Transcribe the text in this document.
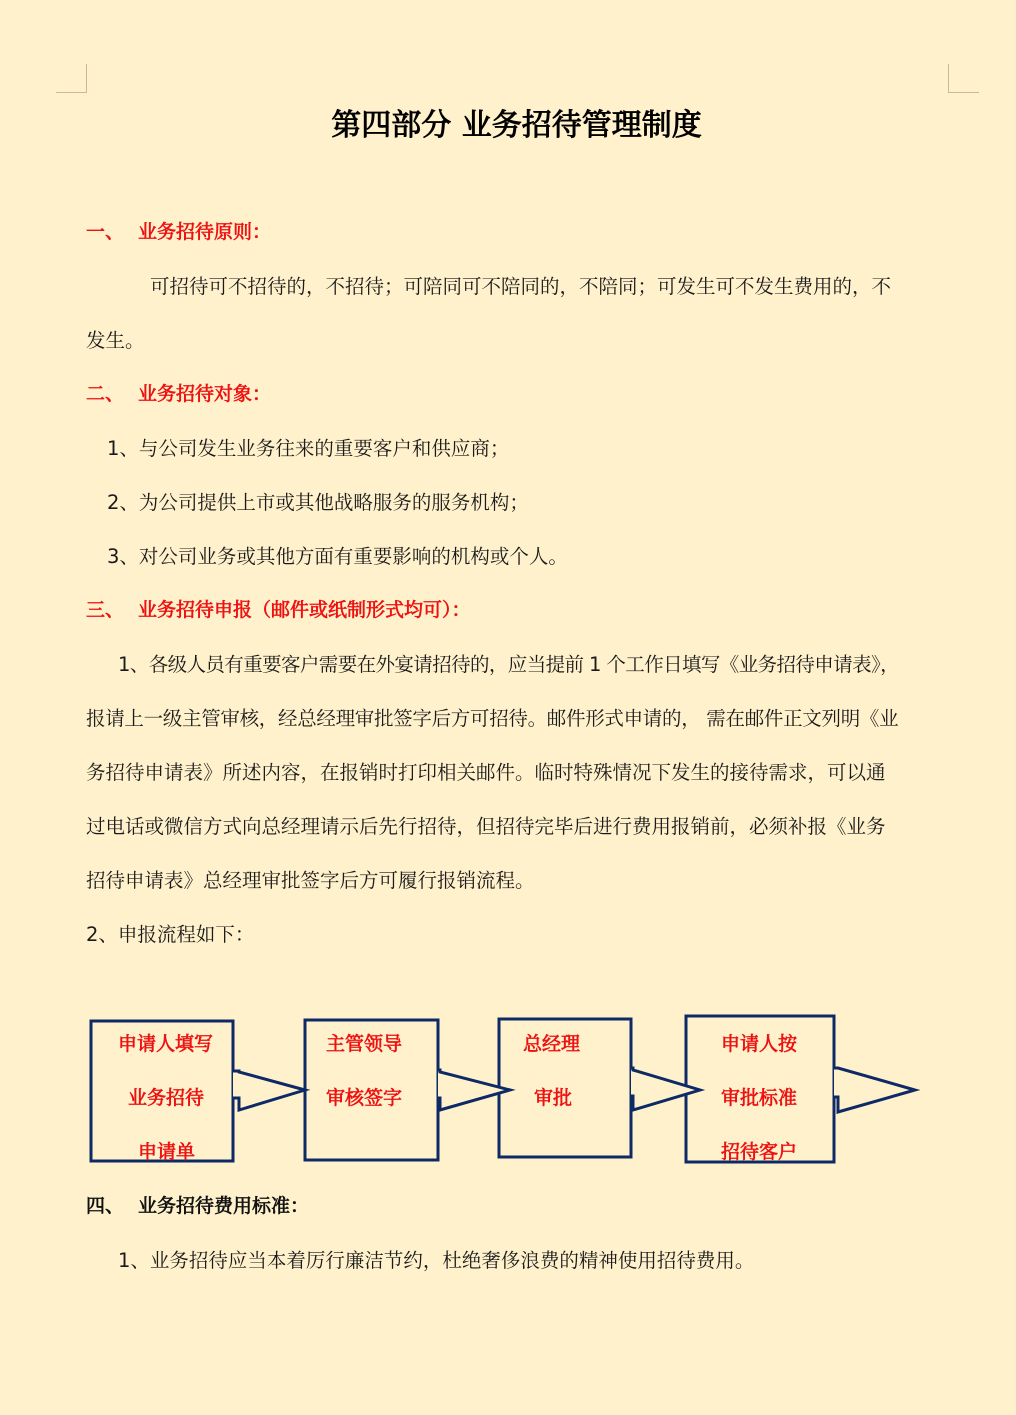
第四部分 业务招待管理制度
一、 业务招待原则：
可招待可不招待的，不招待；可陪同可不陪同的，不陪同；可发生可不发生费用的，不
发生。
二、 业务招待对象：
1、与公司发生业务往来的重要客户和供应商；
2、为公司提供上市或其他战略服务的服务机构；
3、对公司业务或其他方面有重要影响的机构或个人。
三、 业务招待申报（邮件或纸制形式均可）：
1、各级人员有重要客户需要在外宴请招待的，应当提前 1 个工作日填写《业务招待申请表》，
报请上一级主管审核，经总经理审批签字后方可招待。邮件形式申请的， 需在邮件正文列明《业
务招待申请表》所述内容，在报销时打印相关邮件。临时特殊情况下发生的接待需求，可以通
过电话或微信方式向总经理请示后先行招待，但招待完毕后进行费用报销前，必须补报《业务
招待申请表》总经理审批签字后方可履行报销流程。
2、申报流程如下：
申请人填写
业务招待
申请单
主管领导
审核签字
总经理
审批
申请人按
审批标准
招待客户
四、 业务招待费用标准：
1、业务招待应当本着厉行廉洁节约，杜绝奢侈浪费的精神使用招待费用。
